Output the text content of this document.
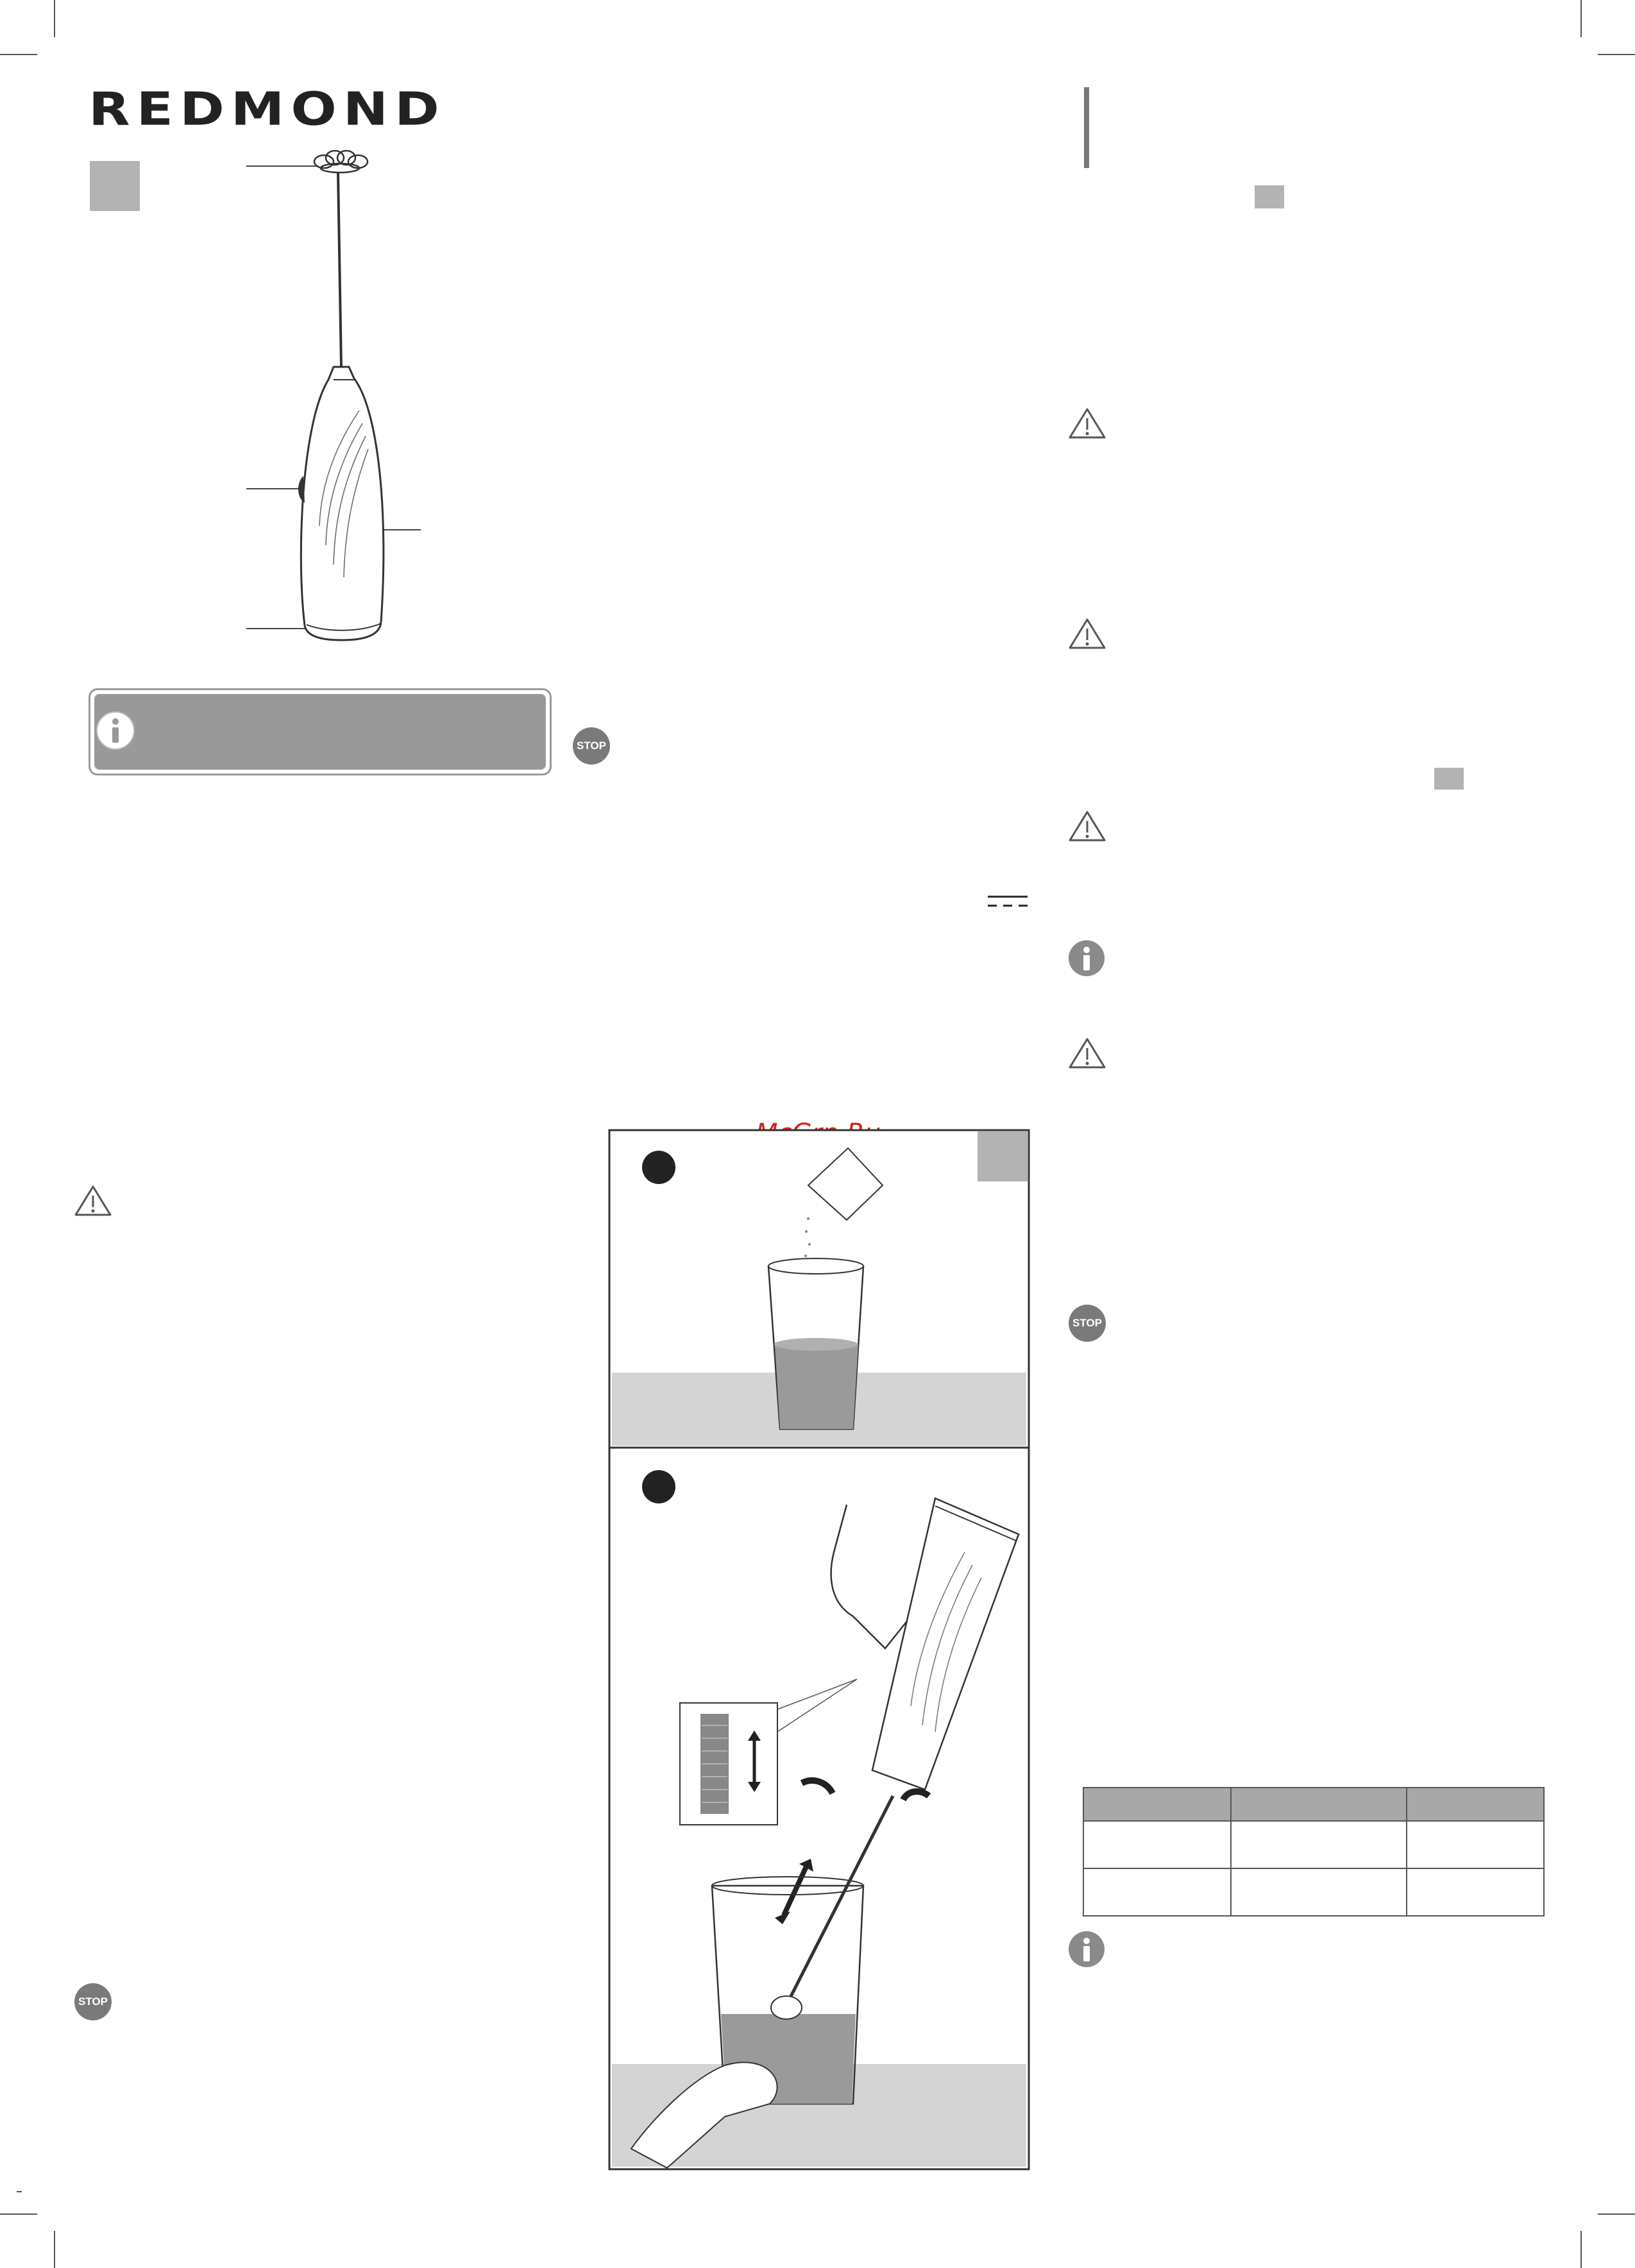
REDMOND
STOP
STOP
STOP
